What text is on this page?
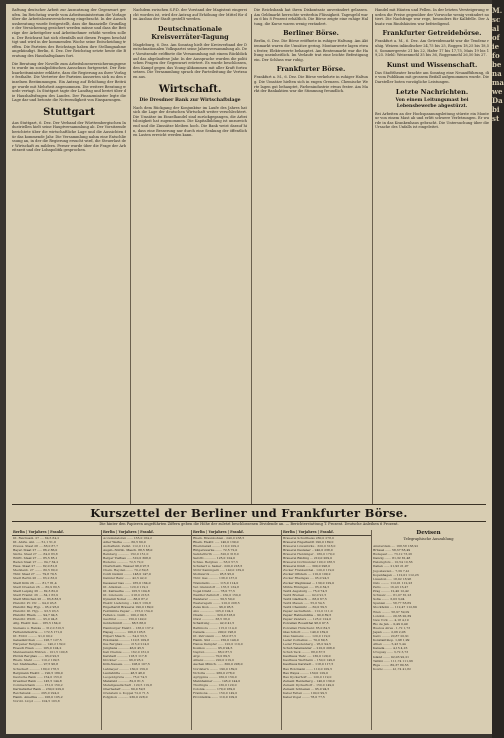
ßaftung deutscher Arbeit zur Ausnutzung der Gegenwart gerufen. Im Reichstag wurde vom Arbeitsministerium die Vorlage über die Arbeitslosenversicherung eingebracht. In der Ausschussberatung wurde festgestellt, dass die finanzielle Grundlage der Versicherung gesichert werden müsse und dass die Beiträge der Arbeitgeber und Arbeitnehmer erhöht werden sollen. Der Reichsrat hat sich ebenfalls mit diesen Fragen beschäftigt und wird in der kommenden Woche seine Entscheidung treffen. Die Parteien des Reichstags haben ihre Stellungnahme angekündigt. Berlin, 6. Dez. Der Reichstag setzte heute die Beratung des Haushaltsplanes fort.

Die Beratung der Novelle zum Arbeitslosenversicherungsgesetz wurde im sozialpolitischen Ausschuss fortgesetzt. Der Reichsarbeitsminister erklärte, dass die Regierung an ihrer Vorlage festhalte. Die Vertreter der Parteien äusserten sich zu den einzelnen Bestimmungen. Ein Antrag auf Erhöhung der Beiträge wurde mit Mehrheit angenommen. Die weitere Beratung wurde vertagt. In Stuttgart tagte der Landtag und beriet über die Haushaltsfragen des Landes. Der Finanzminister legte die Lage dar und betonte die Notwendigkeit von Einsparungen.

Stuttgart

Aus Stuttgart, 6. Dez. Der Verband der Württembergischen Industriellen hielt seine Hauptversammlung ab. Der Vorsitzende berichtete über die wirtschaftliche Lage und die Aussichten für das kommende Jahr. Die Versammlung nahm eine Entschliessung an, in der die Regierung ersucht wird, die Steuerlast der Wirtschaft zu mildern. Ferner wurde über die Frage der Arbeitszeit und der Lohnpolitik gesprochen.

Nachdem zwischen S.P.D. der Vorstand der Magistrat eingereicht worden ist, wird der Antrag auf Erhöhung der Mittel für den Ausbau der Stadt gestellt werden.

Deutschnationale Kreisverräter-Tagung

Magdeburg, 6. Dez. Am Sonntag hielt der Kreisverband der Deutschnationalen Volkspartei seine Jahresversammlung ab. Der Vorsitzende eröffnete die Versammlung mit einem Rückblick auf das abgelaufene Jahr. In der Aussprache wurden die politischen Fragen der Gegenwart erörtert. Es wurde beschlossen, den Kampf gegen das Young-Abkommen mit aller Kraft fortzusetzen. Die Versammlung sprach der Parteileitung ihr Vertrauen aus.

Wirtschaft.
Die Dresdner Bank zur Wirtschaftslage

Nach dem Rückgang der Konjunktur im Laufe des Jahres hat sich die Lage der deutschen Wirtschaft weiter verschlechtert. Die Umsätze im Einzelhandel sind zurückgegangen, die Arbeitslosigkeit hat zugenommen. Die Kapitalbildung ist unzureichend und die Zinssätze bleiben hoch. Die Bank weist darauf hin, dass eine Besserung nur durch eine Senkung der öffentlichen Lasten erreicht werden kann.

Die Reichsbank hat ihren Diskontsatz unverändert gelassen. Am Geldmarkt herrschte weiterhin Flüssigkeit. Tagesgeld war zu 6 bis 8 Prozent erhältlich. Die Börse zeigte eine ruhige Haltung, die Kurse waren wenig verändert.

Berliner Börse.

Berlin, 6. Dez. Die Börse eröffnete in ruhiger Haltung. Am Aktienmarkt waren die Umsätze gering. Montanwerte lagen etwas fester, Elektrowerte behauptet. Am Rentenmarkt war die Haltung uneinheitlich. Im Verlaufe trat eine leichte Befestigung ein. Der Schluss war ruhig.

Frankfurter Börse.

Frankfurt a. M., 6. Dez. Die Börse verkehrte in ruhiger Haltung. Die Umsätze hielten sich in engen Grenzen. Chemische Werte lagen gut behauptet, Farbenindustrie etwas fester. Am Markt der Bankaktien war die Stimmung freundlich.

Handel mit Häuten und Fellen. In der letzten Versteigerung wurden die Preise gegenüber der Vorwoche wenig verändert notiert. Die Nachfrage war rege, besonders für Kalbfelle. Der Absatz von Rindshäuten war befriedigend.

Frankfurter Getreidebörse.

Frankfurt a. M., 6. Dez. Am Getreidemarkt war die Tendenz ruhig. Weizen inländischer 24,75 bis 25, Roggen 18,25 bis 18,50, Sommergerste 21 bis 22, Hafer 17 bis 17,75, Mais 19 bis 19,25. Mehl: Weizenmehl 35 bis 36, Roggenmehl 26,50 bis 27.

Kunst und Wissenschaft.

Das Stadttheater brachte am Sonntag eine Neuaufführung, die vom Publikum mit grossem Beifall aufgenommen wurde. Die Darsteller boten vorzügliche Leistungen.

Letzte Nachrichten.
Von einem Leitungsmast bei Lebensbewerbe abgestürzt.

Bei Arbeiten an der Hochspannungsleitung stürzte ein Monteur von einem Mast ab und erlitt schwere Verletzungen. Er wurde in das Krankenhaus gebracht. Die Untersuchung über die Ursache des Unfalls ist eingeleitet.

Kurszettel der Berliner und Frankfurter Börse.
Die hinter den Papieren angeführten Ziffern geben die Höhe der zuletzt beschlossenen Dividende an. — Berichterstattung T. Prozent. Deutsche Anleihen 6 Prozent.
Berlin | Vorjahres | Frankf.
Dt. Reichsanl. 27 .... 84,5 84,2
Dt. Ablös. Anl. ..... 51,1 51,0
Preuss. Staat 28 .... 88,0 87,7
Bayer. Staat 27 ..... 86,2 86,0
Sächs. Staat 27 ..... 84,0 83,8
Württ. Staat 27 ..... 85,5 85,1
Baden Staat 27 ...... 84,7 84,2
Hess. Staat 27 ...... 82,0 81,6
Mecklenb. 27 ........ 80,5 80,0
Thür. Staat 27 ...... 79,8 79,5
Stadt Berlin 26 ..... 83,2 83,0
Stadt Köln 26 ....... 81,7 81,4
Stadt Dresden 26 .... 80,9 80,5
Stadt Leipzig 26 .... 82,3 82,0
Stadt Frankf. 26 .... 84,1 83,9
Stadt München 26 .... 83,8 83,5
Pfandbr. Pr. Ctr. ... 94,0 93,8
Pfandbr. Bay. Hyp. .. 95,2 95,0
Pfandbr. Dt. Hyp. ... 93,5 93,3
Pfandbr. Rhein. ..... 94,7 94,5
Pfandbr. Württ. ..... 95,0 94,8
Allg. Elektr. Ges. .. 165,5 164,0
Siemens u. Halske ... 312,0 310,5
Farbenindustrie ..... 172,5 171,0
Dt. Erdöl .......... 91,0 90,2
Gelsenkirchen ....... 128,7 127,5
Harpener Bergbau .... 140,2 139,0
Hoesch Eisen ........ 105,0 104,2
Mannesmann Röhren .. 101,5 100,8
Phönix Bergbau ...... 93,0 92,5
Rhein. Stahl ........ 110,2 109,5
Ver. Stahlwerke ..... 97,5 96,8
Schuckert ........... 180,0 178,5
Bergmann Elektr. ... 190,5 189,0
Deutsche Bank ...... 154,0 153,0
Dresdner Bank ...... 145,5 144,8
Commerzbank ........ 151,0 150,2
Darmstädter Bank ... 230,0 229,0
Reichsbank ......... 295,0 294,0
Hamb. Amerika ...... 106,0 105,2
Nordd. Lloyd ....... 104,5 103,8
Berlin | Vorjahres | Frankf.
Accumulatoren ...... 165,0 164,2
Adler Werke ........ 60,5 60,0
Aschaffenb. Zellst. 112,0 111,2
Augsb.-Nürnb. Masch. 88,5 88,0
Bemberg ............ 152,0 151,0
Berger Tiefbau ..... 310,0 308,0
Buderus ............ 72,5 72,0
Charlottenb. Wasser 98,0 97,5
Chem. Heyden ....... 70,2 69,8
Conti Gummi ........ 148,0 147,0
Daimler Benz ....... 42,5 42,0
Dessauer Gas ....... 165,0 164,0
Dt. Atlanten ....... 120,0 119,2
Dt. Kaliwerke ...... 105,5 104,8
Dt. Linoleum ....... 218,0 216,5
Dynamit Nobel ...... 88,0 87,2
Elektr. Lieferung .. 140,5 139,8
Engelhardt Brauerei 190,0 189,0
Feldmühle Papier ... 155,0 154,0
Felten u. Guill. ... 100,2 99,5
Gesfürel ........... 150,0 149,0
Goldschmidt ........ 68,5 68,0
Hamburger Elektr. .. 138,0 137,2
Hapag ............. 106,0 105,5
Hilpert Masch. ..... 54,0 53,5
Holzmann ........... 110,5 109,8
Ilse Bergbau ....... 215,0 214,0
Junghans ........... 46,0 45,5
Kali Chemie ........ 162,0 161,0
Karstadt ........... 118,5 117,8
Klöckner ........... 96,0 95,2
Köln-Neuess. ....... 108,0 107,5
Lahmeyer .......... 160,0 159,0
Laurahütte ......... 48,5 48,0
Leopoldgrube ....... 75,0 74,5
Mansfeld ........... 82,0 81,5
Metallgesellschaft . 120,5 119,8
Oberbedarf ......... 60,0 59,5
Orenstein u. Koppel 72,0 71,5
Polyphon ........... 230,0 228,0
Berlin | Vorjahres | Frankf.
Rhein. Braunkohlen . 240,0 238,5
Rhein. Elektr. ..... 140,0 139,0
Rheinmetall ........ 110,0 109,2
Rütgerswerke ....... 72,5 72,0
Salzdetfurth ....... 320,0 318,0
Sarotti ............ 125,0 124,0
Schles. Bergbau .... 58,0 57,5
Schubert u. Salzer . 220,0 218,5
Stöhr Kammgarn ..... 140,0 139,0
Stollwerck ......... 95,5 95,0
Thür. Gas .......... 138,0 137,0
Transradio ......... 115,0 114,0
Ver. Glanzstoff .... 135,5 134,8
Vogel Draht ........ 78,0 77,5
Waldhof Zellstoff .. 160,0 159,0
Wanderer ........... 50,5 50,0
Westeregeln ........ 210,0 208,5
Zeiss Ikon ......... 96,0 95,5
Aku ............... 105,0 104,2
Chade ............. 320,0 318,0
Otavi ............. 38,5 38,0
Schantung ......... 42,0 41,5
Baltimore ......... 115,0 114,0
Canada ............ 200,0 198,0
Dt. Petroleum ...... 68,0 67,5
Hamb. Süd ......... 150,0 149,0
Hansa Dampfer ...... 120,0 119,0
Kosmos ............ 95,0 94,5
Neptun ............ 88,0 87,5
Argo .............. 70,0 69,5
Allianz ........... 220,0 219,0
Aachen Münch. ...... 300,0 298,0
Nordstern ......... 190,0 189,0
Victoria .......... 280,0 278,0
Agrippina ......... 160,0 159,0
Mannheimer ........ 145,0 144,0
Thuringia ......... 130,0 129,0
Colonia ........... 170,0 169,0
Frankona .......... 150,0 149,0
Providentia ....... 110,0 109,0
Berlin | Vorjahres | Frankf.
Brauerei Schultheiss 280,0 278,0
Brauerei Engelhardt 190,0 189,0
Brauerei Löwenbräu . 320,0 318,0
Brauerei Paulaner .. 240,0 238,0
Brauerei Henninger . 180,0 179,0
Brauerei Binding ... 210,0 209,0
Brauerei Dortmunder 190,0 188,5
Brauerei Kindl ..... 300,0 298,0
Zucker Frankenthal . 120,0 119,0
Zucker Offstein .... 110,0 109,2
Zucker Rheingau .... 95,0 94,5
Zucker Waghäusel ... 130,0 129,0
Mühle Rüningen ..... 85,0 84,5
Textil Augsburg .... 75,0 74,5
Textil Bremen ...... 92,0 91,5
Textil Gladbach .... 68,0 67,5
Textil Plauen ...... 55,0 54,5
Textil Chemnitz .... 60,0 59,5
Papier Aschaffenb. . 112,0 111,0
Papier Hahnemühle .. 90,0 89,5
Papier Zanders ..... 125,0 124,0
Porzellan Rosenthal 98,0 97,5
Porzellan Hutschenr. 85,0 84,5
Glas Schott ........ 140,0 139,0
Glas Siemens ....... 120,0 119,0
Leder Cornelius .... 70,0 69,5
Leder Freudenberg .. 95,0 94,5
Schuh Salamander ... 210,0 208,0
Schuh Tack ......... 88,0 87,5
Kaufhaus Tietz ..... 130,0 129,0
Kaufhaus Wertheim .. 150,0 149,0
Kaufhaus Karstadt .. 118,0 117,5
Bau Holzmann ....... 110,0 109,5
Bau Wayss ......... 130,0 129,0
Bau Dyckerhoff ..... 120,0 119,0
Zement Heidelberg .. 140,0 139,0
Zement Dyckerhoff .. 150,0 149,0
Zement Schlesien ... 95,0 94,5
Kabel Felten ....... 100,0 99,5
Kabel Vogel ........ 78,0 77,5
Devisen
Telegraphische Auszahlung
Amsterdam .... 168,58 168,92
Brüssel ...... 58,37 58,49
Budapest ..... 73,12 73,26
Danzig ....... 81,32 81,48
Helsingfors .. 10,54 10,56
Italien ...... 21,93 21,97
Jugoslawien .. 7,39 7,41
Kopenhagen ... 112,01 112,23
Lissabon ..... 18,92 18,96
Oslo ......... 112,01 112,23
Paris ........ 16,43 16,47
Prag ......... 12,40 12,42
Schweiz ...... 81,07 81,23
Sofia ........ 3,03 3,04
Spanien ...... 58,77 58,89
Stockholm .... 112,47 112,69
Wien ......... 58,97 59,09
London ....... 20,35 20,39
New York ..... 4,18 4,19
Rio de Jan. .. 0,49 0,49
Buenos Aires . 1,72 1,73
Japan ........ 2,06 2,06
Kairo ........ 20,87 20,91
Konstantinop. 1,98 1,99
Athen ........ 5,43 5,44
Kanada ....... 4,15 4,16
Uruguay ...... 3,72 3,73
Island ....... 92,03 92,21
Tallinn ...... 111,74 111,96
Riga ......... 80,37 80,53
Kowno ........ 41,74 41,82
M.
sc
al
of
ie
fo
be
na
ma
we
Da
bi
st
